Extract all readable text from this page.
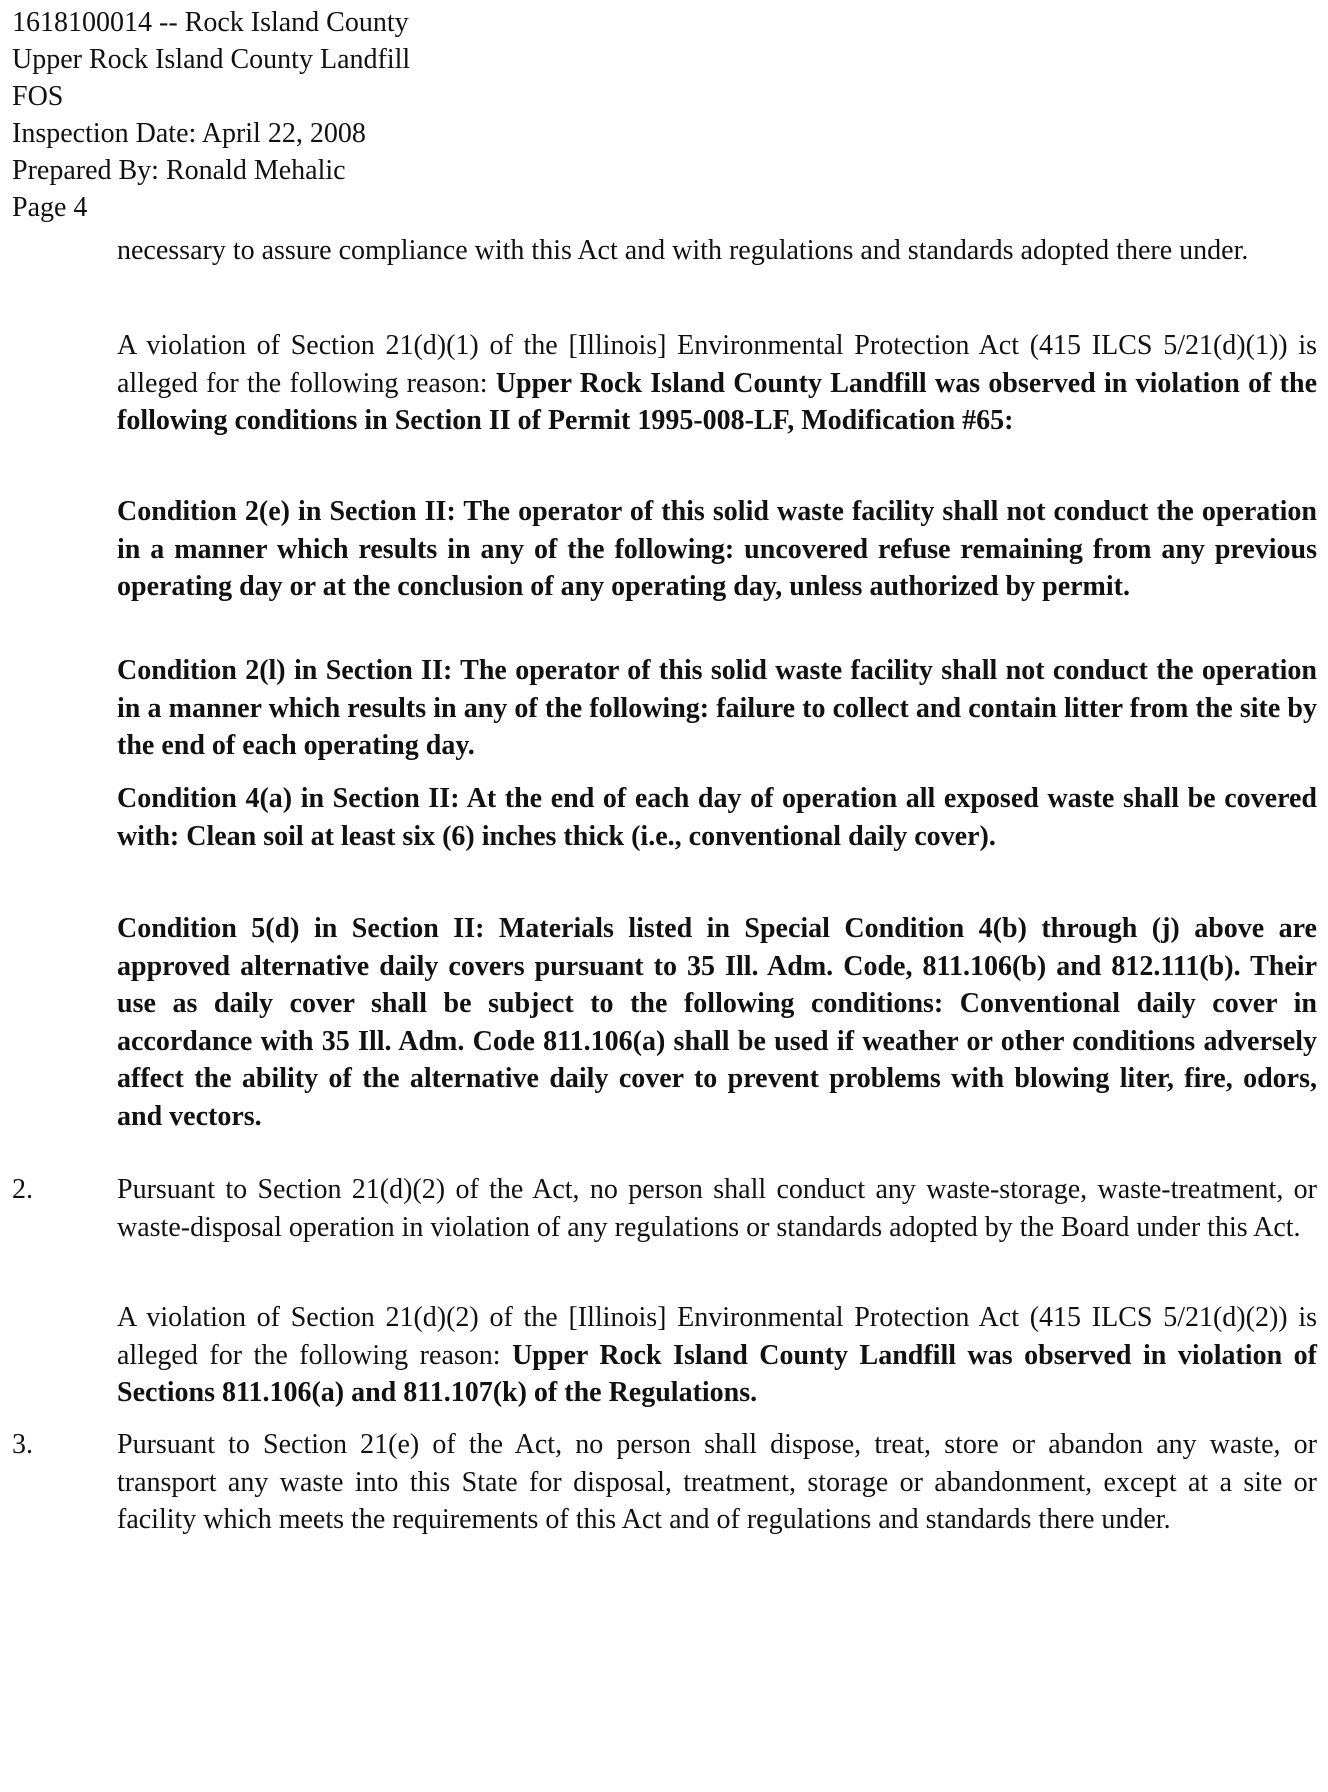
1618100014 -- Rock Island County
Upper Rock Island County Landfill
FOS
Inspection Date: April 22, 2008
Prepared By: Ronald Mehalic
Page 4

necessary to assure compliance with this Act and with regulations and standards adopted there under.

A violation of Section 21(d)(1) of the [Illinois] Environmental Protection Act (415 ILCS 5/21(d)(1)) is alleged for the following reason: Upper Rock Island County Landfill was observed in violation of the following conditions in Section II of Permit 1995-008-LF, Modification #65:

Condition 2(e) in Section II: The operator of this solid waste facility shall not conduct the operation in a manner which results in any of the following: uncovered refuse remaining from any previous operating day or at the conclusion of any operating day, unless authorized by permit.

Condition 2(l) in Section II: The operator of this solid waste facility shall not conduct the operation in a manner which results in any of the following: failure to collect and contain litter from the site by the end of each operating day.

Condition 4(a) in Section II: At the end of each day of operation all exposed waste shall be covered with: Clean soil at least six (6) inches thick (i.e., conventional daily cover).

Condition 5(d) in Section II: Materials listed in Special Condition 4(b) through (j) above are approved alternative daily covers pursuant to 35 Ill. Adm. Code, 811.106(b) and 812.111(b). Their use as daily cover shall be subject to the following conditions: Conventional daily cover in accordance with 35 Ill. Adm. Code 811.106(a) shall be used if weather or other conditions adversely affect the ability of the alternative daily cover to prevent problems with blowing liter, fire, odors, and vectors.

2.	Pursuant to Section 21(d)(2) of the Act, no person shall conduct any waste-storage, waste-treatment, or waste-disposal operation in violation of any regulations or standards adopted by the Board under this Act.

A violation of Section 21(d)(2) of the [Illinois] Environmental Protection Act (415 ILCS 5/21(d)(2)) is alleged for the following reason: Upper Rock Island County Landfill was observed in violation of Sections 811.106(a) and 811.107(k) of the Regulations.

3.	Pursuant to Section 21(e) of the Act, no person shall dispose, treat, store or abandon any waste, or transport any waste into this State for disposal, treatment, storage or abandonment, except at a site or facility which meets the requirements of this Act and of regulations and standards there under.
